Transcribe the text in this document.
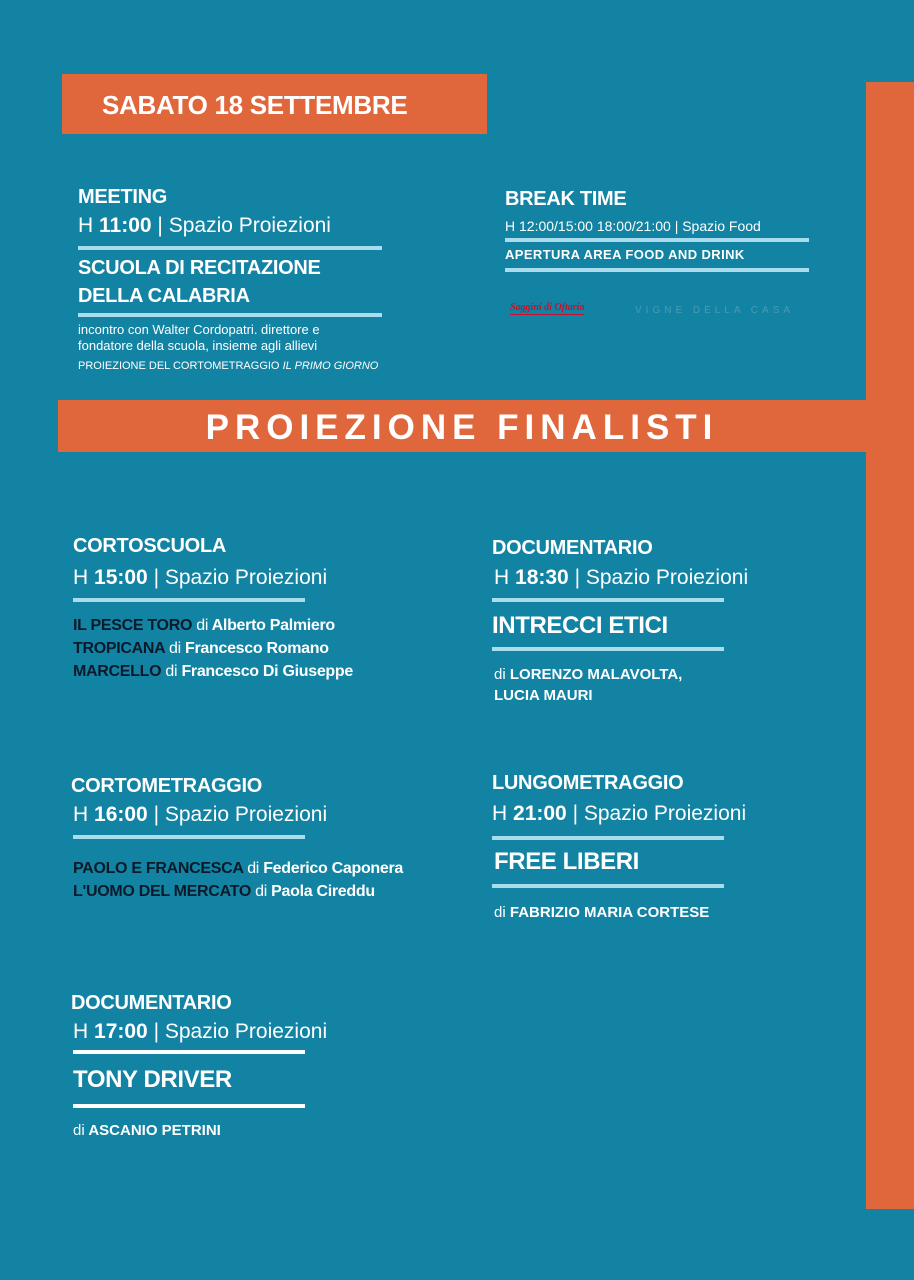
SABATO 18 SETTEMBRE
MEETING
H 11:00 | Spazio Proiezioni
SCUOLA DI RECITAZIONE
DELLA CALABRIA
incontro con Walter Cordopatri. direttore e
fondatore della scuola, insieme agli allievi
PROIEZIONE DEL CORTOMETRAGGIO IL PRIMO GIORNO
BREAK TIME
H 12:00/15:00 18:00/21:00 | Spazio Food
APERTURA AREA FOOD AND DRINK
Saggini di Oftaria	VIGNE DELLA CASA
PROIEZIONE FINALISTI
CORTOSCUOLA
H 15:00 | Spazio Proiezioni
IL PESCE TORO di Alberto Palmiero
TROPICANA di Francesco Romano
MARCELLO di Francesco Di Giuseppe
DOCUMENTARIO
H 18:30 | Spazio Proiezioni
INTRECCI ETICI
di LORENZO MALAVOLTA,
LUCIA MAURI
CORTOMETRAGGIO
H 16:00 | Spazio Proiezioni
PAOLO E FRANCESCA di Federico Caponera
L'UOMO DEL MERCATO di Paola Cireddu
LUNGOMETRAGGIO
H 21:00 | Spazio Proiezioni
FREE LIBERI
di FABRIZIO MARIA CORTESE
DOCUMENTARIO
H 17:00 | Spazio Proiezioni
TONY DRIVER
di ASCANIO PETRINI
